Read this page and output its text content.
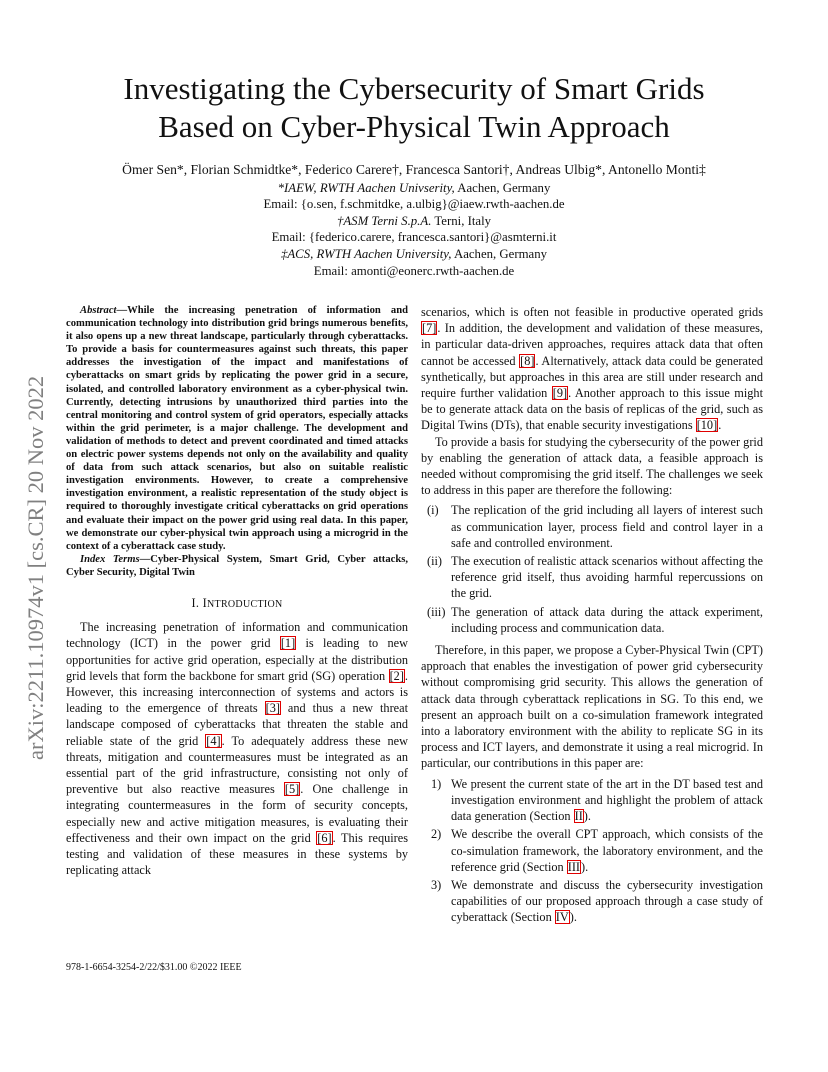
Investigating the Cybersecurity of Smart Grids
Based on Cyber-Physical Twin Approach
Ömer Sen*, Florian Schmidtke*, Federico Carere†, Francesca Santori†, Andreas Ulbig*, Antonello Monti‡
*IAEW, RWTH Aachen Univserity, Aachen, Germany
Email: {o.sen, f.schmitdke, a.ulbig}@iaew.rwth-aachen.de
†ASM Terni S.p.A. Terni, Italy
Email: {federico.carere, francesca.santori}@asmterni.it
‡ACS, RWTH Aachen University, Aachen, Germany
Email: amonti@eonerc.rwth-aachen.de
arXiv:2211.10974v1 [cs.CR] 20 Nov 2022

Abstract—While the increasing penetration of information and communication technology into distribution grid brings numerous benefits, it also opens up a new threat landscape, particularly through cyberattacks. To provide a basis for countermeasures against such threats, this paper addresses the investigation of the impact and manifestations of cyberattacks on smart grids by replicating the power grid in a secure, isolated, and controlled laboratory environment as a cyber-physical twin. Currently, detecting intrusions by unauthorized third parties into the central monitoring and control system of grid operators, especially attacks within the grid perimeter, is a major challenge. The development and validation of methods to detect and prevent coordinated and timed attacks on electric power systems depends not only on the availability and quality of data from such attack scenarios, but also on suitable realistic investigation environments. However, to create a comprehensive investigation environment, a realistic representation of the study object is required to thoroughly investigate critical cyberattacks on grid operations and evaluate their impact on the power grid using real data. In this paper, we demonstrate our cyber-physical twin approach using a microgrid in the context of a cyberattack case study.

Index Terms—Cyber-Physical System, Smart Grid, Cyber attacks, Cyber Security, Digital Twin

I. INTRODUCTION

The increasing penetration of information and communication technology (ICT) in the power grid [1] is leading to new opportunities for active grid operation, especially at the distribution grid levels that form the backbone for smart grid (SG) operation [2]. However, this increasing interconnection of systems and actors is leading to the emergence of threats [3] and thus a new threat landscape composed of cyberattacks that threaten the stable and reliable state of the grid [4]. To adequately address these new threats, mitigation and countermeasures must be integrated as an essential part of the grid infrastructure, consisting not only of preventive but also reactive measures [5]. One challenge in integrating countermeasures in the form of security concepts, especially new and active mitigation measures, is evaluating their effectiveness and their own impact on the grid [6]. This requires testing and validation of these measures in these systems by replicating attack

scenarios, which is often not feasible in productive operated grids [7]. In addition, the development and validation of these measures, in particular data-driven approaches, requires attack data that often cannot be accessed [8]. Alternatively, attack data could be generated synthetically, but approaches in this area are still under research and require further validation [9]. Another approach to this issue might be to generate attack data on the basis of replicas of the grid, such as Digital Twins (DTs), that enable security investigations [10].

To provide a basis for studying the cybersecurity of the power grid by enabling the generation of attack data, a feasible approach is needed without compromising the grid itself. The challenges we seek to address in this paper are therefore the following:

(i) The replication of the grid including all layers of interest such as communication layer, process field and control layer in a safe and controlled environment.
(ii) The execution of realistic attack scenarios without affecting the reference grid itself, thus avoiding harmful repercussions on the grid.
(iii) The generation of attack data during the attack experiment, including process and communication data.

Therefore, in this paper, we propose a Cyber-Physical Twin (CPT) approach that enables the investigation of power grid cybersecurity without compromising grid security. This allows the generation of attack data through cyberattack replications in SG. To this end, we present an approach built on a co-simulation framework integrated into a laboratory environment with the ability to replicate SG in its process and ICT layers, and demonstrate it using a real microgrid. In particular, our contributions in this paper are:

1) We present the current state of the art in the DT based test and investigation environment and highlight the problem of attack data generation (Section II).
2) We describe the overall CPT approach, which consists of the co-simulation framework, the laboratory environment, and the reference grid (Section III).
3) We demonstrate and discuss the cybersecurity investigation capabilities of our proposed approach through a case study of cyberattack (Section IV).
978-1-6654-3254-2/22/$31.00 ©2022 IEEE
